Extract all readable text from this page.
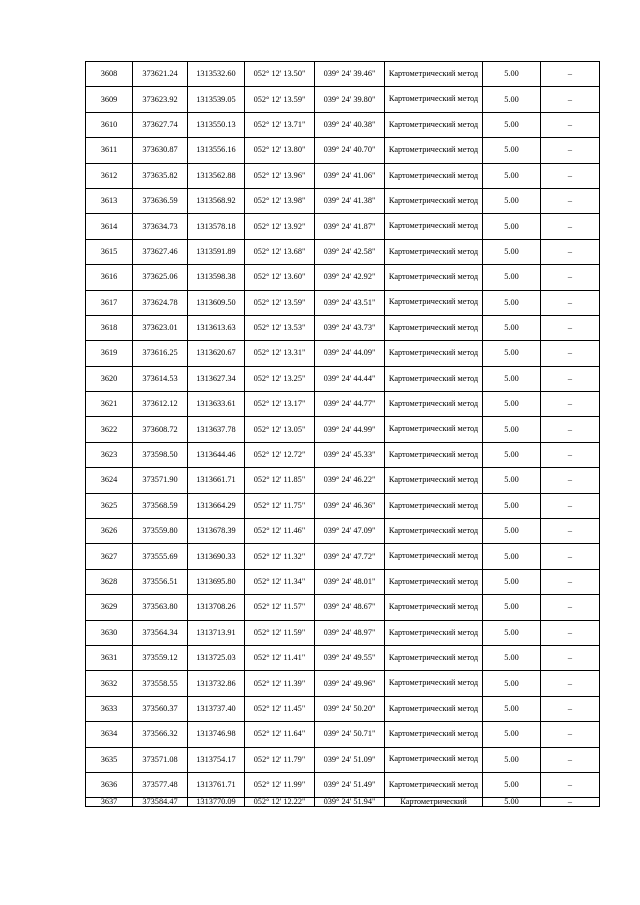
3608	373621.24	1313532.60	052° 12' 13.50"	039° 24' 39.46"	Картометрический метод	5.00	–
3609	373623.92	1313539.05	052° 12' 13.59"	039° 24' 39.80"	Картометрический метод	5.00	–
3610	373627.74	1313550.13	052° 12' 13.71"	039° 24' 40.38"	Картометрический метод	5.00	–
3611	373630.87	1313556.16	052° 12' 13.80"	039° 24' 40.70"	Картометрический метод	5.00	–
3612	373635.82	1313562.88	052° 12' 13.96"	039° 24' 41.06"	Картометрический метод	5.00	–
3613	373636.59	1313568.92	052° 12' 13.98"	039° 24' 41.38"	Картометрический метод	5.00	–
3614	373634.73	1313578.18	052° 12' 13.92"	039° 24' 41.87"	Картометрический метод	5.00	–
3615	373627.46	1313591.89	052° 12' 13.68"	039° 24' 42.58"	Картометрический метод	5.00	–
3616	373625.06	1313598.38	052° 12' 13.60"	039° 24' 42.92"	Картометрический метод	5.00	–
3617	373624.78	1313609.50	052° 12' 13.59"	039° 24' 43.51"	Картометрический метод	5.00	–
3618	373623.01	1313613.63	052° 12' 13.53"	039° 24' 43.73"	Картометрический метод	5.00	–
3619	373616.25	1313620.67	052° 12' 13.31"	039° 24' 44.09"	Картометрический метод	5.00	–
3620	373614.53	1313627.34	052° 12' 13.25"	039° 24' 44.44"	Картометрический метод	5.00	–
3621	373612.12	1313633.61	052° 12' 13.17"	039° 24' 44.77"	Картометрический метод	5.00	–
3622	373608.72	1313637.78	052° 12' 13.05"	039° 24' 44.99"	Картометрический метод	5.00	–
3623	373598.50	1313644.46	052° 12' 12.72"	039° 24' 45.33"	Картометрический метод	5.00	–
3624	373571.90	1313661.71	052° 12' 11.85"	039° 24' 46.22"	Картометрический метод	5.00	–
3625	373568.59	1313664.29	052° 12' 11.75"	039° 24' 46.36"	Картометрический метод	5.00	–
3626	373559.80	1313678.39	052° 12' 11.46"	039° 24' 47.09"	Картометрический метод	5.00	–
3627	373555.69	1313690.33	052° 12' 11.32"	039° 24' 47.72"	Картометрический метод	5.00	–
3628	373556.51	1313695.80	052° 12' 11.34"	039° 24' 48.01"	Картометрический метод	5.00	–
3629	373563.80	1313708.26	052° 12' 11.57"	039° 24' 48.67"	Картометрический метод	5.00	–
3630	373564.34	1313713.91	052° 12' 11.59"	039° 24' 48.97"	Картометрический метод	5.00	–
3631	373559.12	1313725.03	052° 12' 11.41"	039° 24' 49.55"	Картометрический метод	5.00	–
3632	373558.55	1313732.86	052° 12' 11.39"	039° 24' 49.96"	Картометрический метод	5.00	–
3633	373560.37	1313737.40	052° 12' 11.45"	039° 24' 50.20"	Картометрический метод	5.00	–
3634	373566.32	1313746.98	052° 12' 11.64"	039° 24' 50.71"	Картометрический метод	5.00	–
3635	373571.08	1313754.17	052° 12' 11.79"	039° 24' 51.09"	Картометрический метод	5.00	–
3636	373577.48	1313761.71	052° 12' 11.99"	039° 24' 51.49"	Картометрический метод	5.00	–
3637	373584.47	1313770.09	052° 12' 12.22"	039° 24' 51.94"	Картометрический	5.00	–
